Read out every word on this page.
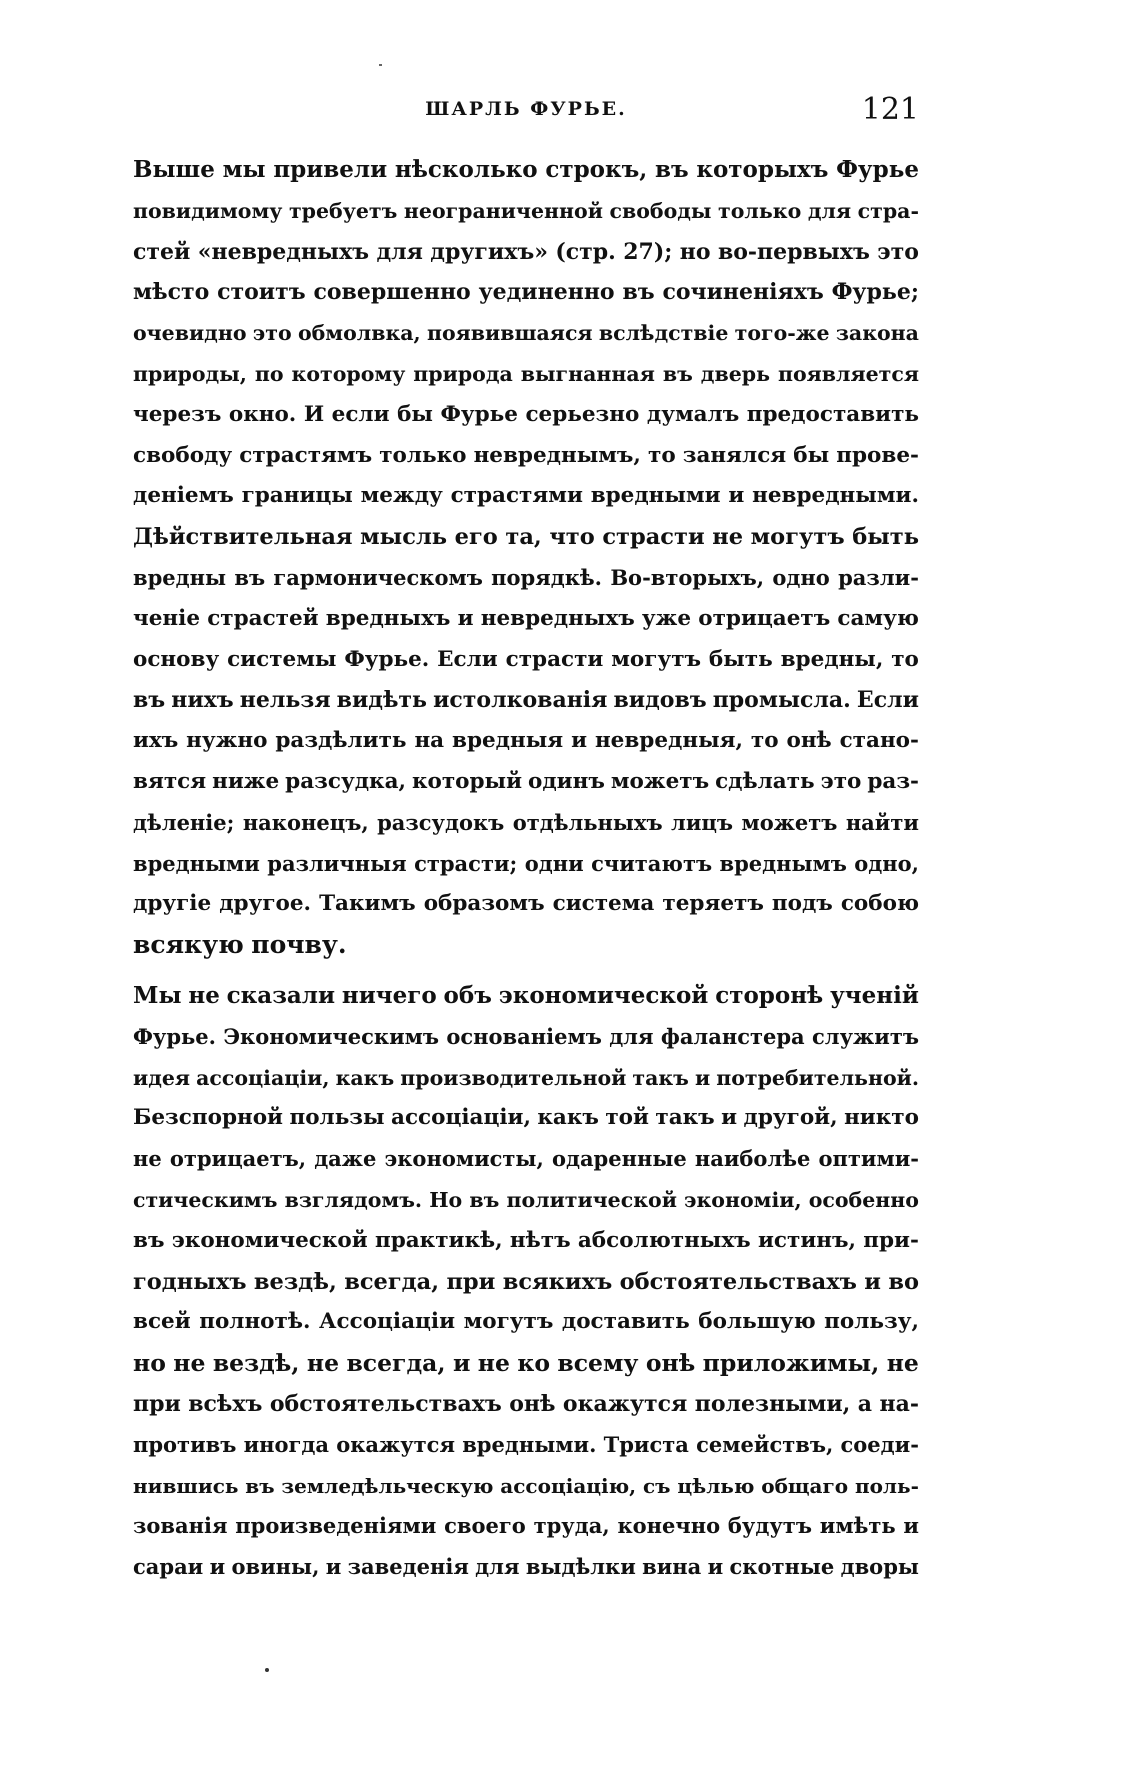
ШАРЛЬ ФУРЬЕ.	121
Выше мы привели нѣсколько строкъ, въ которыхъ Фурье
повидимому требуетъ неограниченной свободы только для стра-
стей «невредныхъ для другихъ» (стр. 27); но во-первыхъ это
мѣсто стоитъ совершенно уединенно въ сочиненіяхъ Фурье;
очевидно это обмолвка, появившаяся вслѣдствіе того-же закона
природы, по которому природа выгнанная въ дверь появляется
черезъ окно. И если бы Фурье серьезно думалъ предоставить
свободу страстямъ только невреднымъ, то занялся бы прове-
деніемъ границы между страстями вредными и невредными.
Дѣйствительная мысль его та, что страсти не могутъ быть
вредны въ гармоническомъ порядкѣ. Во-вторыхъ, одно разли-
ченіе страстей вредныхъ и невредныхъ уже отрицаетъ самую
основу системы Фурье. Если страсти могутъ быть вредны, то
въ нихъ нельзя видѣть истолкованія видовъ промысла. Если
ихъ нужно раздѣлить на вредныя и невредныя, то онѣ стано-
вятся ниже разсудка, который одинъ можетъ сдѣлать это раз-
дѣленіе; наконецъ, разсудокъ отдѣльныхъ лицъ можетъ найти
вредными различныя страсти; одни считаютъ вреднымъ одно,
другіе другое. Такимъ образомъ система теряетъ подъ собою
всякую почву.
Мы не сказали ничего объ экономической сторонѣ ученій
Фурье. Экономическимъ основаніемъ для фаланстера служитъ
идея ассоціаціи, какъ производительной такъ и потребительной.
Безспорной пользы ассоціаціи, какъ той такъ и другой, никто
не отрицаетъ, даже экономисты, одаренные наиболѣе оптими-
стическимъ взглядомъ. Но въ политической экономіи, особенно
въ экономической практикѣ, нѣтъ абсолютныхъ истинъ, при-
годныхъ вездѣ, всегда, при всякихъ обстоятельствахъ и во
всей полнотѣ. Ассоціаціи могутъ доставить большую пользу,
но не вездѣ, не всегда, и не ко всему онѣ приложимы, не
при всѣхъ обстоятельствахъ онѣ окажутся полезными, а на-
противъ иногда окажутся вредными. Триста семействъ, соеди-
нившись въ земледѣльческую ассоціацію, съ цѣлью общаго поль-
зованія произведеніями своего труда, конечно будутъ имѣть и
сараи и овины, и заведенія для выдѣлки вина и скотные дворы
